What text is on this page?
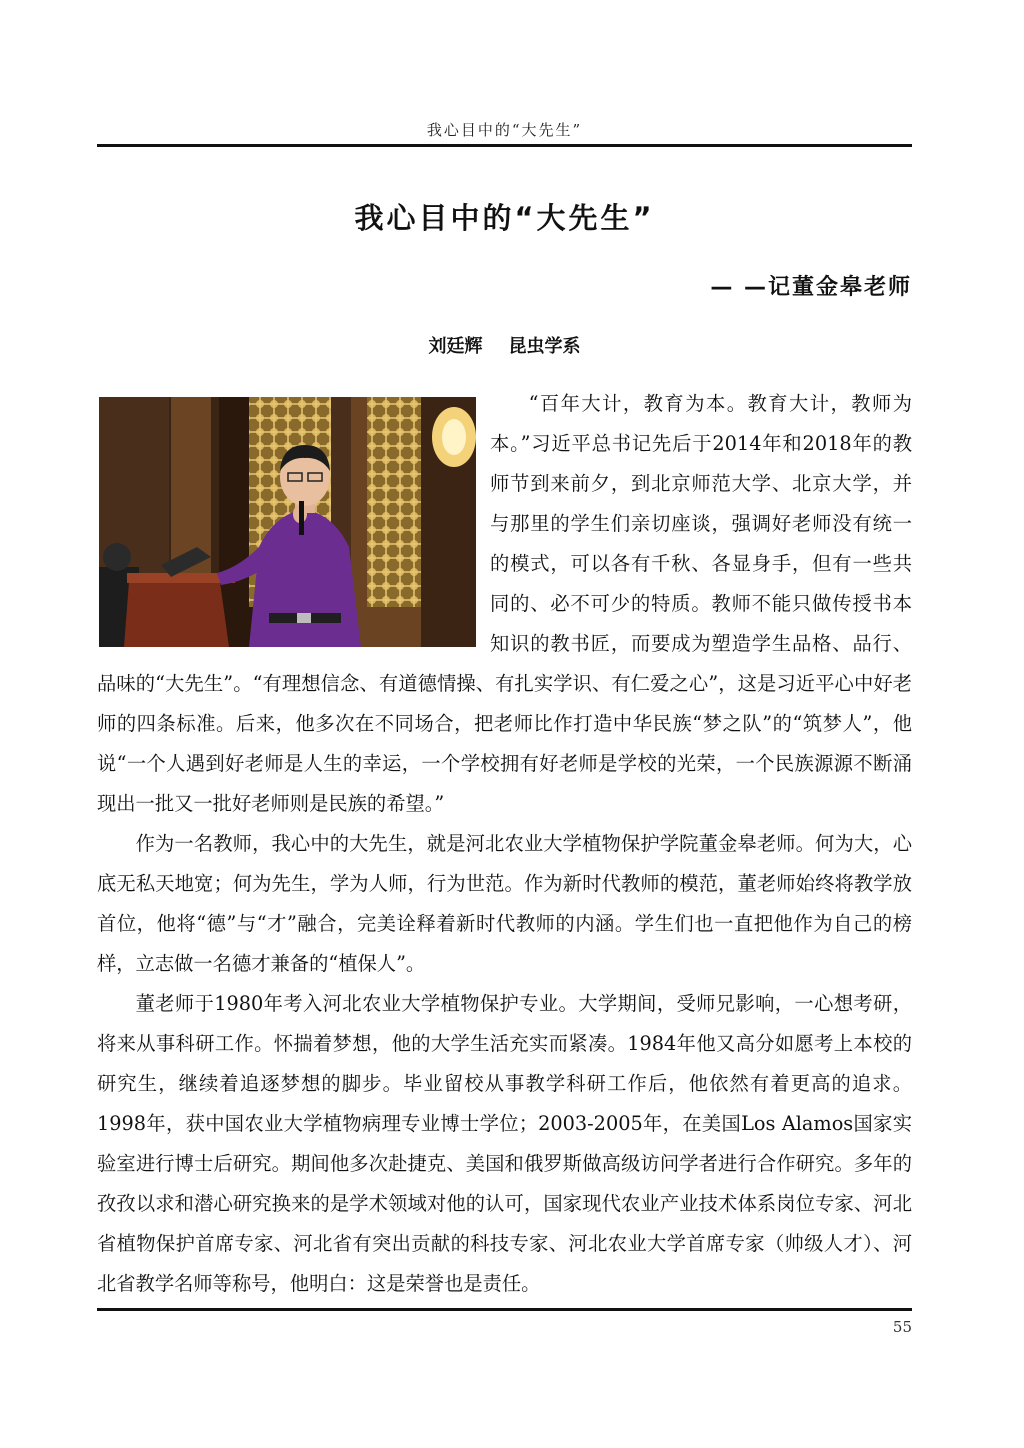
我心目中的“大先生”
我心目中的“大先生”
— —记董金皋老师
刘廷辉 昆虫学系

“百年大计，教育为本。教育大计，教师为本。”习近平总书记先后于2014年和2018年的教师节到来前夕，到北京师范大学、北京大学，并与那里的学生们亲切座谈，强调好老师没有统一的模式，可以各有千秋、各显身手，但有一些共同的、必不可少的特质。教师不能只做传授书本知识的教书匠，而要成为塑造学生品格、品行、品味的“大先生”。“有理想信念、有道德情操、有扎实学识、有仁爱之心”，这是习近平心中好老师的四条标准。后来，他多次在不同场合，把老师比作打造中华民族“梦之队”的“筑梦人”，他说“一个人遇到好老师是人生的幸运，一个学校拥有好老师是学校的光荣，一个民族源源不断涌现出一批又一批好老师则是民族的希望。”

作为一名教师，我心中的大先生，就是河北农业大学植物保护学院董金皋老师。何为大，心底无私天地宽；何为先生，学为人师，行为世范。作为新时代教师的模范，董老师始终将教学放首位，他将“德”与“才”融合，完美诠释着新时代教师的内涵。学生们也一直把他作为自己的榜样，立志做一名德才兼备的“植保人”。

董老师于1980年考入河北农业大学植物保护专业。大学期间，受师兄影响，一心想考研，将来从事科研工作。怀揣着梦想，他的大学生活充实而紧凑。1984年他又高分如愿考上本校的研究生，继续着追逐梦想的脚步。毕业留校从事教学科研工作后，他依然有着更高的追求。1998年，获中国农业大学植物病理专业博士学位；2003-2005年，在美国Los Alamos国家实验室进行博士后研究。期间他多次赴捷克、美国和俄罗斯做高级访问学者进行合作研究。多年的孜孜以求和潜心研究换来的是学术领域对他的认可，国家现代农业产业技术体系岗位专家、河北省植物保护首席专家、河北省有突出贡献的科技专家、河北农业大学首席专家（帅级人才）、河北省教学名师等称号，他明白：这是荣誉也是责任。

55
